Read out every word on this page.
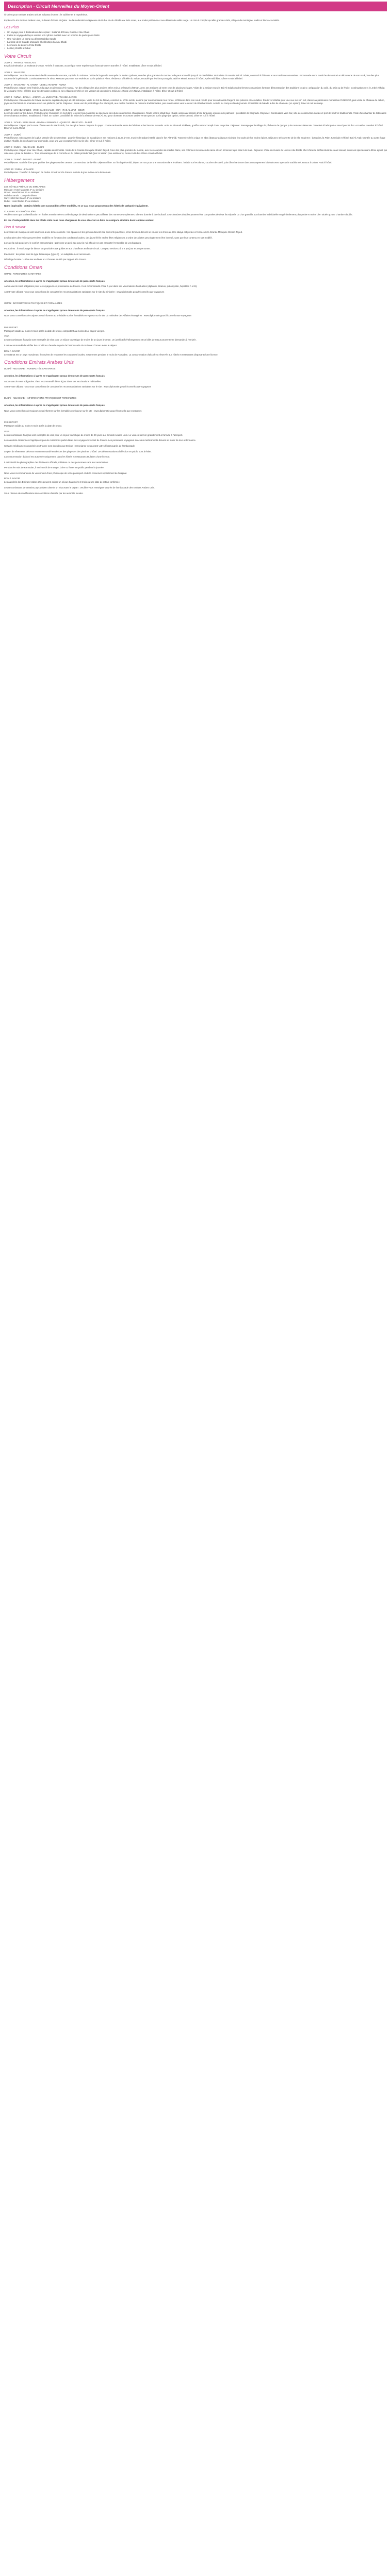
Description - Circuit Merveilles du Moyen-Orient

Ô Orient pour Emirats arabes unis et Sultanat d'Oman : le sublime et le mystérieux.

Explorez le trio Emirats Arabes Unis, Sultanat d'Oman et Qatar : de la modernité vertigineuse de Dubaï et Abu Dhabi aux forts ocres, aux souks parfumés et aux déserts de sable rouge. Un circuit complet qui allie grandes cités, villages de montagne, wadis et bivouacs étoilés.

Les Plus
• Un voyage pour 3 destinations d'exception : Sultanat d'Oman, Dubaï et Abu Dhabi
• Faites le voyage de façon sereine et à rythme modéré avec un nombre de participants limité
• Une nuit dans un camp au désert Wahiba Sands
• La visite de la Grande Mosquée Sheikh Zayed à Abu Dhabi
• Le musée du Louvre d'Abu Dhabi
• Le Burj Khalifa à Dubaï
Votre Circuit

JOUR 1 : FRANCE - MASCATE

Envol à destination du Sultanat d'Oman. Arrivée à Mascate, accueil par notre représentant francophone et transfert à l'hôtel. Installation, dîner et nuit à l'hôtel.

JOUR 2 : MASCATE

Petit-déjeuner. Journée consacrée à la découverte de Mascate, capitale du Sultanat. Visite de la grande mosquée du Sultan Qaboos, une des plus grandes du monde : elle peut accueillir jusqu'à 20 000 fidèles. Puis visite du musée Bait Al Zubair, consacré à l'histoire et aux traditions omanaises. Promenade sur la corniche de Muttrah et découverte de son souk, l'un des plus anciens de la péninsule. Continuation vers le Vieux Mascate pour une vue extérieure sur le palais Al Alam, résidence officielle du Sultan, encadré par les forts portugais Jalali et Mirani. Retour à l'hôtel. Après-midi libre. Dîner et nuit à l'hôtel.

JOUR 3 : MASCATE - AL HAMRA - JEBEL AKHDAR - NIZWA

Petit-déjeuner. Départ vers l'intérieur du pays en direction d'Al Hamra, l'un des villages les plus anciens et les mieux préservés d'Oman, avec ses maisons de terre crue de plusieurs étages. Visite de la maison-musée Bait Al Safah où des femmes omanaises font une démonstration des traditions locales : préparation du café, du pain ou de l'huile. Continuation vers le Jebel Akhdar, la Montagne Verte, célèbre pour ses terrasses cultivées, ses villages perchés et ses vergers de grenadiers. Déjeuner. Route vers Nizwa, installation à l'hôtel. Dîner et nuit à l'hôtel.

JOUR 4 : NIZWA - BAHLA - JABRIN - AL MUDAYRIB - WAHIBA SANDS

Petit-déjeuner. Découverte de Nizwa, ancienne capitale du pays et cité historique. Visite du fort de Nizwa, construit au XVIIe siècle, dominé par son imposante tour ronde, et flânerie dans son souk réputé pour son artisanat d'argent, ses poteries et ses dattes. Route vers Bahla pour une vue sur son fort, classé au patrimoine mondial de l'UNESCO, puis visite du château de Jabrin, joyau de l'architecture omanaise avec ses plafonds peints. Déjeuner. Route vers le petit village d'Al Mudayrib, aux ruelles bordées de maisons traditionnelles, puis continuation vers le désert de Wahiba Sands. Arrivée au camp en fin de journée. Possibilité de balade à dos de chameau (en option). Dîner et nuit au camp.

JOUR 5 : WAHIBA SANDS - WADI BANI KHALID - SUR - RAS AL JINZ - SOUR

Lever de soleil sur les dunes. Petit-déjeuner. Excursion en 4x4 dans le désert pour assister au spectacle des dunes aux teintes changeantes. Route vers le Wadi Bani Khalid, oasis aux bassins d'eau turquoise entourés de palmiers : possibilité de baignade. Déjeuner. Continuation vers Sur, ville de construction navale et port de boutres traditionnels. Visite d'un chantier de fabrication de ces bateaux en bois. Installation à l'hôtel. En soirée, possibilité de visite de la réserve de Ras Al Jinz pour observer les tortues vertes venant pondre sur la plage (en option, selon saison). Dîner et nuit à l'hôtel.

JOUR 6 : SOUR - WADI SHAB - BIMMAH SINKHOLE - QURIYAT - MASCATE - DUBAÏ

Petit-déjeuner. Départ par la route côtière vers le Wadi Shab, l'un des plus beaux canyons du pays : courte randonnée entre les falaises et les bassins naturels. Arrêt au Bimmah Sinkhole, gouffre naturel rempli d'eau turquoise. Déjeuner. Passage par le village de pêcheurs de Quriyat puis route vers Mascate. Transfert à l'aéroport et envol pour Dubaï. Accueil et transfert à l'hôtel. Dîner et nuit à l'hôtel.

JOUR 7 : DUBAÏ

Petit-déjeuner. Découverte de la plus grande ville des Emirats : quartier historique de Bastakiya et ses maisons à tours à vent, musée de Dubaï installé dans le fort Al Fahidi. Traversée de la crique en abra (bateau-taxi) pour rejoindre les souks de l'or et des épices. Déjeuner. Découverte de la ville moderne : la Marina, la Palm Jumeirah et l'hôtel Burj Al Arab. Montée au 124e étage du Burj Khalifa, la plus haute tour du monde, pour une vue exceptionnelle sur la ville. Dîner et nuit à l'hôtel.

JOUR 8 : DUBAÏ - ABU DHABI - DUBAÏ

Petit-déjeuner. Départ pour Abu Dhabi, capitale des Emirats. Visite de la Grande Mosquée Sheikh Zayed, l'une des plus grandes du monde, avec ses coupoles de marbre blanc, ses colonnes incrustées de nacre et son immense tapis tissé à la main. Déjeuner. Visite du musée du Louvre Abu Dhabi, chef-d'œuvre architectural de Jean Nouvel, sous son spectaculaire dôme ajouré qui crée une « pluie de lumière ». Tour panoramique de la corniche et du palais présidentiel Qasr Al Watan (vue extérieure). Retour à Dubaï. Dîner et nuit à l'hôtel.

JOUR 9 : DUBAÏ - DESERT - DUBAÏ

Petit-déjeuner. Matinée libre pour profiter des plages ou des centres commerciaux de la ville. Déjeuner libre. En fin d'après-midi, départ en 4x4 pour une excursion dans le désert : balade sur les dunes, coucher de soleil, puis dîner barbecue dans un campement bédouin avec spectacle traditionnel. Retour à Dubaï. Nuit à l'hôtel.

JOUR 10 : DUBAÏ - FRANCE

Petit-déjeuner. Transfert à l'aéroport de Dubaï. Envol vers la France. Arrivée le jour même ou le lendemain.

Hébergement

LES HÔTELS PRÉVUS OU SIMILAIRES

Mascate : Hotel Mascate 4* ou similaire
Nizwa : Hotel Nizwa 4* ou similaire
Wahiba Sands : Camp du désert
Sur : Hotel Sur Beach 4* ou similaire
Dubaï : Hotel Dubaï 4* ou similaire

Noms impératifs : certains hôtels sont susceptibles d'être modifiés, en ce cas, nous proposerons des hôtels de catégorie équivalente.

CLASSIFICATION HÔTELIÈRE

Veuillez noter que la classification en étoiles mentionnée est celle du pays de destination et peut différer des normes européennes. Elle est donnée à titre indicatif. Les chambres doubles peuvent être composées de deux lits séparés ou d'un grand lit. La chambre individuelle est généralement plus petite et moins bien située qu'une chambre double.

En cas d'indisponibilité dans les hôtels cités nous nous chargerons de vous réserver un hôtel de catégorie similaire dans le même secteur.

Bon à savoir

Les visites de mosquées sont soumises à une tenue correcte : les épaules et les genoux doivent être couverts pour tous, et les femmes doivent se couvrir les cheveux. Une abaya est prêtée à l'entrée de la Grande Mosquée Sheikh Zayed.

Les horaires des visites peuvent être modifiés en fonction des conditions locales, des jours fériés et des fêtes religieuses. L'ordre des visites peut également être inversé, sans que leur contenu en soit modifié.

Lors de la nuit au désert, le confort est sommaire ; prévoyez un petit sac pour la nuit afin de ne pas emporter l'ensemble de vos bagages.

Pourboires : il est d'usage de laisser un pourboire aux guides et aux chauffeurs en fin de circuit. Comptez environ 3 à 5 € par jour et par personne.

Électricité : les prises sont de type britannique (type G) ; un adaptateur est nécessaire.

Décalage horaire : +3 heures en hiver et +2 heures en été par rapport à la France.

Conditions Oman

OMAN : FORMALITÉS SANITAIRES

Attention, les informations ci-après ne s'appliquent qu'aux détenteurs de passeports français.

Aucun vaccin n'est obligatoire pour les voyageurs en provenance de France. Il est recommandé d'être à jour dans ses vaccinations habituelles (diphtérie, tétanos, poliomyélite, hépatites A et B).

Avant votre départ, nous vous conseillons de consulter les recommandations sanitaires sur le site du ministère : www.diplomatie.gouv.fr/conseils-aux-voyageurs

OMAN : INFORMATIONS PRATIQUES ET FORMALITÉS

Attention, les informations ci-après ne s'appliquent qu'aux détenteurs de passeports français.

Nous vous conseillons de toujours vous informer au préalable sur les formalités en vigueur sur le site du ministère des Affaires étrangères : www.diplomatie.gouv.fr/conseils-aux-voyageurs

PASSEPORT

Passeport valide au moins 6 mois après la date de retour, comportant au moins deux pages vierges.

VISA

Les ressortissants français sont exemptés de visa pour un séjour touristique de moins de 14 jours à Oman. Un justificatif d'hébergement et un billet de retour peuvent être demandés à l'arrivée.

Il est recommandé de vérifier les conditions d'entrée auprès de l'ambassade du Sultanat d'Oman avant le départ.

BON À SAVOIR

Le sultanat est un pays musulman, il convient de respecter les coutumes locales, notamment pendant le mois de Ramadan. La consommation d'alcool est réservée aux hôtels et restaurants disposant d'une licence.

Conditions Emirats Arabes Unis

DUBAÏ - ABU DHABI : FORMALITÉS SANITAIRES

Attention, les informations ci-après ne s'appliquent qu'aux détenteurs de passeports français.

Aucun vaccin n'est obligatoire. Il est recommandé d'être à jour dans ses vaccinations habituelles.

Avant votre départ, nous vous conseillons de consulter les recommandations sanitaires sur le site : www.diplomatie.gouv.fr/conseils-aux-voyageurs

DUBAÏ - ABU DHABI : INFORMATIONS PRATIQUES ET FORMALITÉS

Attention, les informations ci-après ne s'appliquent qu'aux détenteurs de passeports français.

Nous vous conseillons de toujours vous informer sur les formalités en vigueur sur le site : www.diplomatie.gouv.fr/conseils-aux-voyageurs

PASSEPORT

Passeport valide au moins 6 mois après la date de retour.

VISA

Les ressortissants français sont exemptés de visa pour un séjour touristique de moins de 90 jours aux Emirats Arabes Unis. Le visa est délivré gratuitement à l'arrivée à l'aéroport.

Les autorités émiriennes n'appliquent pas de restrictions particulières aux voyageurs venant de France. Les personnes voyageant avec des médicaments doivent se munir de leur ordonnance.

Certains médicaments autorisés en France sont interdits aux Emirats ; renseignez-vous avant votre départ auprès de l'ambassade.

Le port de vêtements décents est recommandé en dehors des plages et des piscines d'hôtel. Les démonstrations d'affection en public sont à éviter.

La consommation d'alcool est autorisée uniquement dans les hôtels et restaurants titulaires d'une licence.

Il est interdit de photographier des bâtiments officiels, militaires ou des personnes sans leur autorisation.

Pendant le mois de Ramadan, il est interdit de manger, boire ou fumer en public pendant la journée.

Nous vous recommandons de vous munir d'une photocopie de votre passeport et de la conserver séparément de l'original.

BON À SAVOIR

Les autorités des Emirats Arabes Unis peuvent exiger un séjour d'au moins 3 mois ou une date de retour confirmée.

Les ressortissants de certains pays doivent obtenir un visa avant le départ : veuillez vous renseigner auprès de l'ambassade des Emirats Arabes Unis.

Sous réserve de modifications des conditions d'entrée par les autorités locales.
